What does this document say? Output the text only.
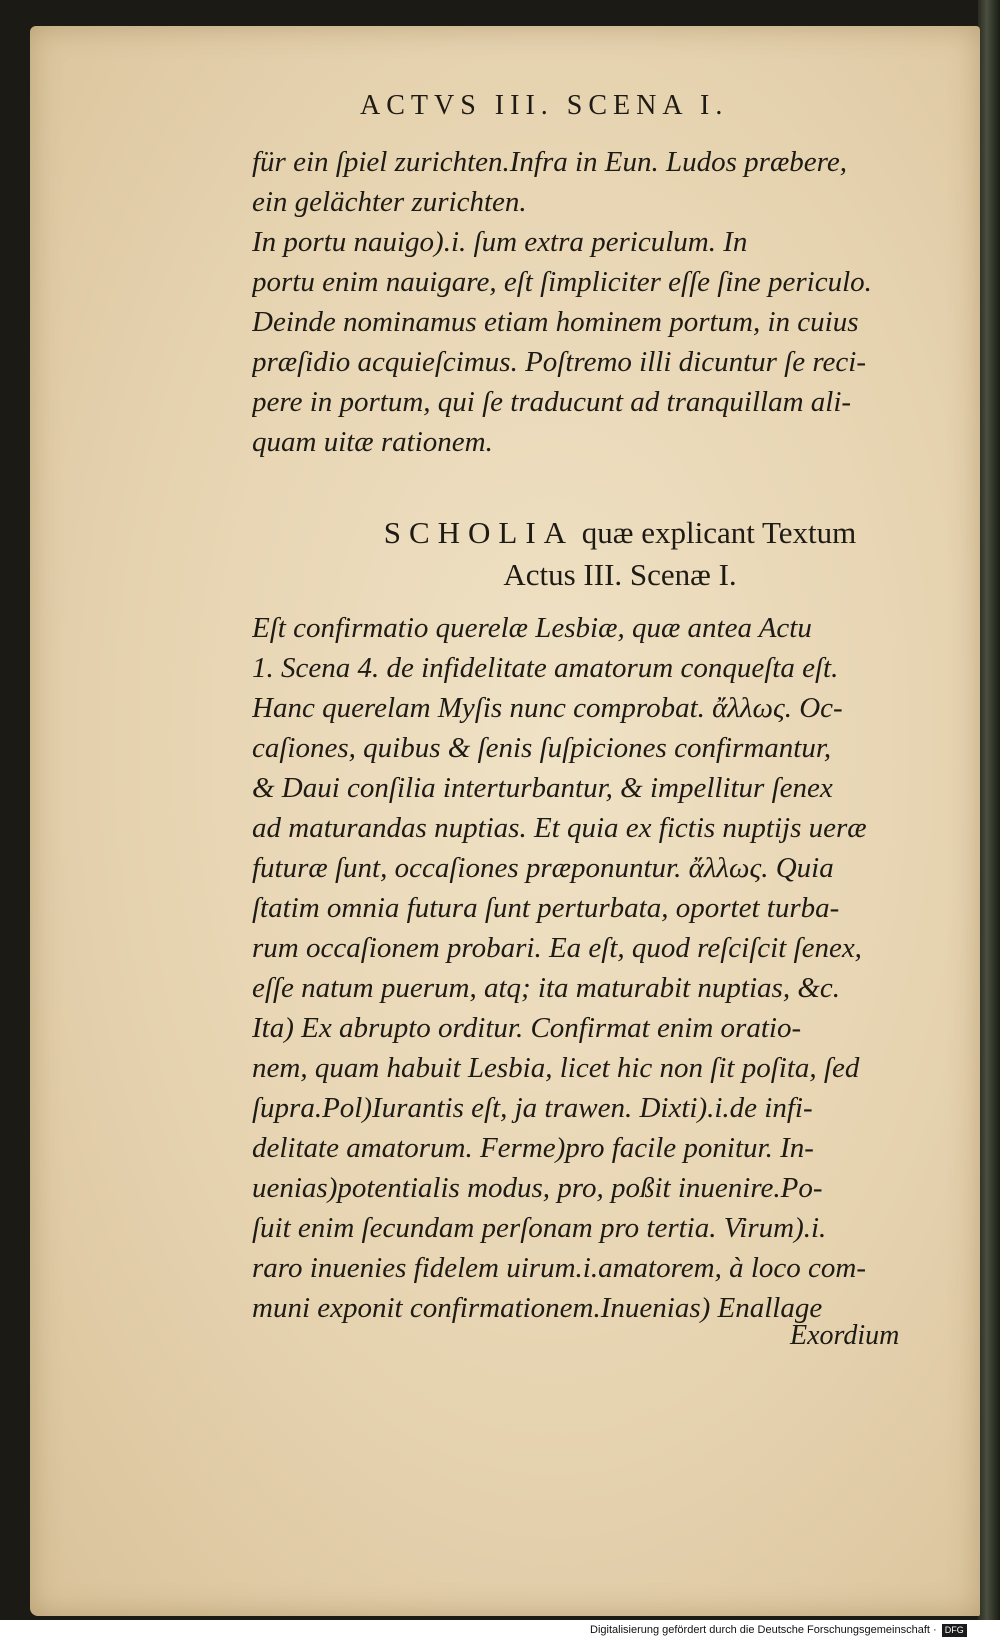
ACTVS III. SCENA I.
für ein ſpiel zurichten.Infra in Eun. Ludos præbere,
ein gelächter zurichten.
In portu nauigo).i. ſum extra periculum. In
portu enim nauigare, eſt ſimpliciter eſſe ſine periculo.
Deinde nominamus etiam hominem portum, in cuius
præſidio acquieſcimus. Poſtremo illi dicuntur ſe reci-
pere in portum, qui ſe traducunt ad tranquillam ali-
quam uitæ rationem.
SCHOLIA quæ explicant Textum
Actus III. Scenæ I.
Eſt confirmatio querelæ Lesbiæ, quæ antea Actu
1. Scena 4. de infidelitate amatorum conqueſta eſt.
Hanc querelam Myſis nunc comprobat. ἄλλως. Oc-
caſiones, quibus & ſenis ſuſpiciones confirmantur,
& Daui conſilia interturbantur, & impellitur ſenex
ad maturandas nuptias. Et quia ex fictis nuptijs ueræ
futuræ ſunt, occaſiones præponuntur. ἄλλως. Quia
ſtatim omnia futura ſunt perturbata, oportet turba-
rum occaſionem probari. Ea eſt, quod reſciſcit ſenex,
eſſe natum puerum, atq; ita maturabit nuptias, &c.
Ita) Ex abrupto orditur. Confirmat enim oratio-
nem, quam habuit Lesbia, licet hic non ſit poſita, ſed
ſupra.Pol)Iurantis eſt, ja trawen. Dixti).i.de infi-
delitate amatorum. Ferme)pro facile ponitur. In-
uenias)potentialis modus, pro, poßit inuenire.Po-
ſuit enim ſecundam perſonam pro tertia. Virum).i.
raro inuenies fidelem uirum.i.amatorem, à loco com-
muni exponit confirmationem.Inuenias) Enallage
Exordium
Digitalisierung gefördert durch die Deutsche Forschungsgemeinschaft · DFG
